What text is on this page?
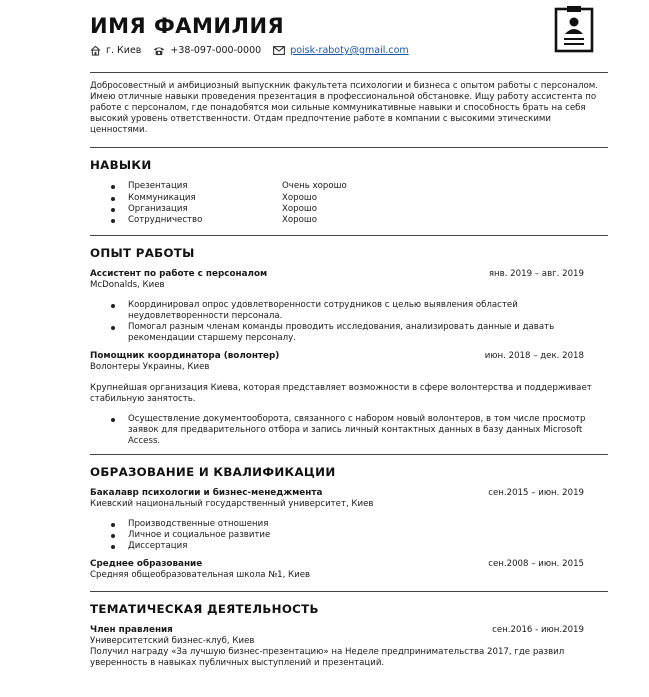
ИМЯ ФАМИЛИЯ
г. Киев	+38-097-000-0000	poisk-raboty@gmail.com

Добросовестный и амбициозный выпускник факультета психологии и бизнеса с опытом работы с персоналом. Имею отличные навыки проведения презентация в профессиональной обстановке. Ищу работу ассистента по работе с персоналом, где понадобятся мои сильные коммуникативные навыки и способность брать на себя высокий уровень ответственности. Отдам предпочтение работе в компании с высокими этическими ценностями.

НАВЫКИ
Презентация	Очень хорошо
Коммуникация	Хорошо
Организация	Хорошо
Сотрудничество	Хорошо
ОПЫТ РАБОТЫ
Ассистент по работе с персоналом	янв. 2019 – авг. 2019
McDonalds, Киев
Координировал опрос удовлетворенности сотрудников с целью выявления областей неудовлетворенности персонала.
Помогал разным членам команды проводить исследования, анализировать данные и давать рекомендации старшему персоналу.
Помощник координатора (волонтер)	июн. 2018 – дек. 2018
Волонтеры Украины, Киев

Крупнейшая организация Киева, которая представляет возможности в сфере волонтерства и поддерживает стабильную занятость.

Осуществление документооборота, связанного с набором новый волонтеров, в том числе просмотр заявок для предварительного отбора и запись личный контактных данных в базу данных Microsoft Access.
ОБРАЗОВАНИЕ И КВАЛИФИКАЦИИ
Бакалавр психологии и бизнес-менеджмента	сен.2015 – июн. 2019
Киевский национальный государственный университет, Киев
Производственные отношения
Личное и социальное развитие
Диссертация
Среднее образование	сен.2008 – июн. 2015
Средняя общеобразовательная школа №1, Киев
ТЕМАТИЧЕСКАЯ ДЕЯТЕЛЬНОСТЬ
Член правления	сен.2016 - июн.2019
Университетский бизнес-клуб, Киев
Получил награду «За лучшую бизнес-презентацию» на Неделе предпринимательства 2017, где развил уверенность в навыках публичных выступлений и презентаций.
